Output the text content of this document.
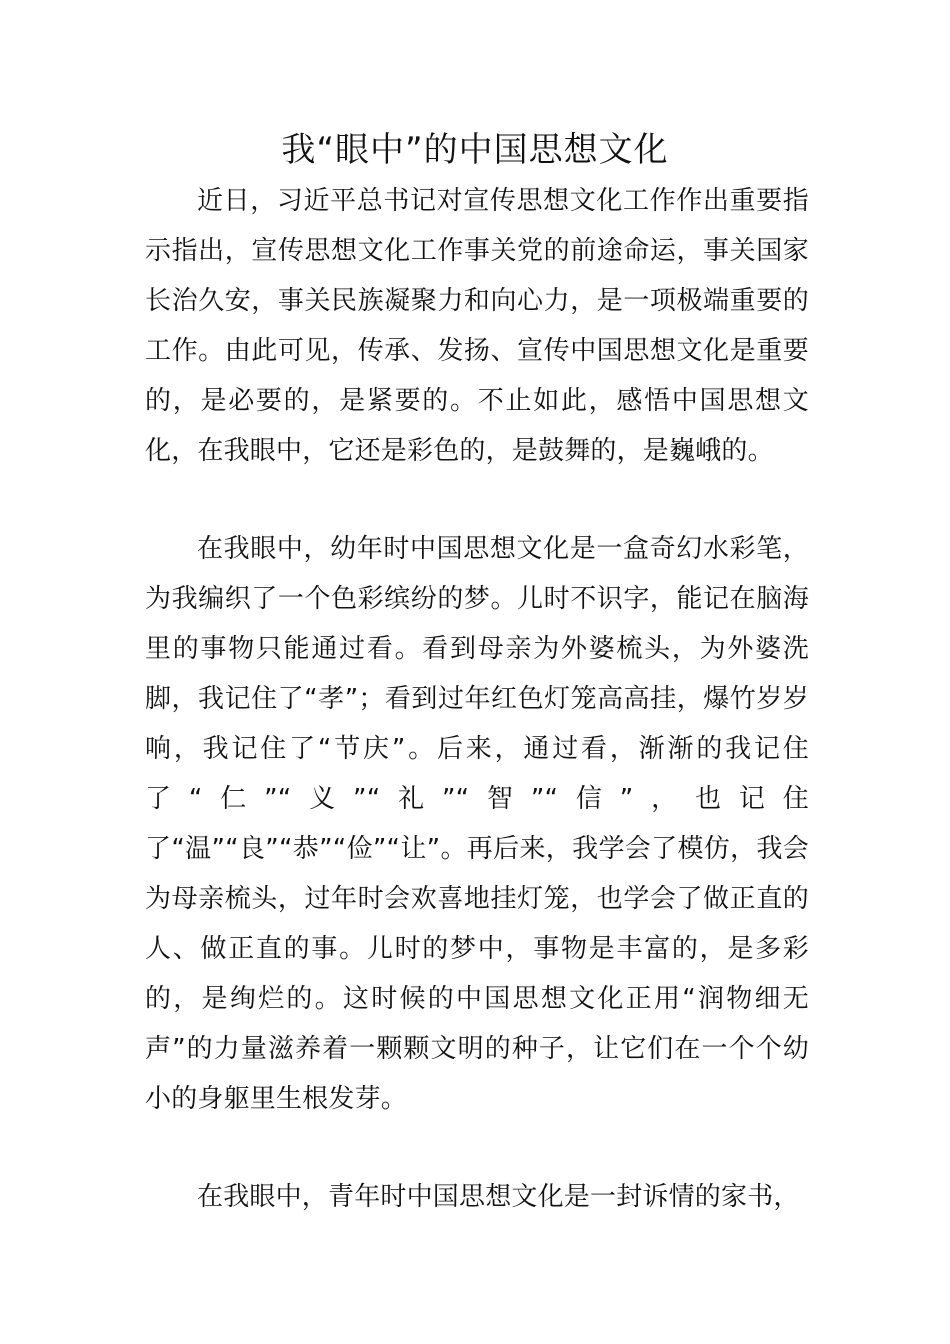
我“眼中”的中国思想文化

近日，习近平总书记对宣传思想文化工作作出重要指示指出，宣传思想文化工作事关党的前途命运，事关国家长治久安，事关民族凝聚力和向心力，是一项极端重要的工作。由此可见，传承、发扬、宣传中国思想文化是重要的，是必要的，是紧要的。不止如此，感悟中国思想文化，在我眼中，它还是彩色的，是鼓舞的，是巍峨的。

在我眼中，幼年时中国思想文化是一盒奇幻水彩笔，为我编织了一个色彩缤纷的梦。儿时不识字，能记在脑海里的事物只能通过看。看到母亲为外婆梳头，为外婆洗脚，我记住了“孝”；看到过年红色灯笼高高挂，爆竹岁岁响，我记住了“节庆”。后来，通过看，渐渐的我记住了“仁”“义”“礼”“智”“信”，也记住了“温”“良”“恭”“俭”“让”。再后来，我学会了模仿，我会为母亲梳头，过年时会欢喜地挂灯笼，也学会了做正直的人、做正直的事。儿时的梦中，事物是丰富的，是多彩的，是绚烂的。这时候的中国思想文化正用“润物细无声”的力量滋养着一颗颗文明的种子，让它们在一个个幼小的身躯里生根发芽。

在我眼中，青年时中国思想文化是一封诉情的家书，
